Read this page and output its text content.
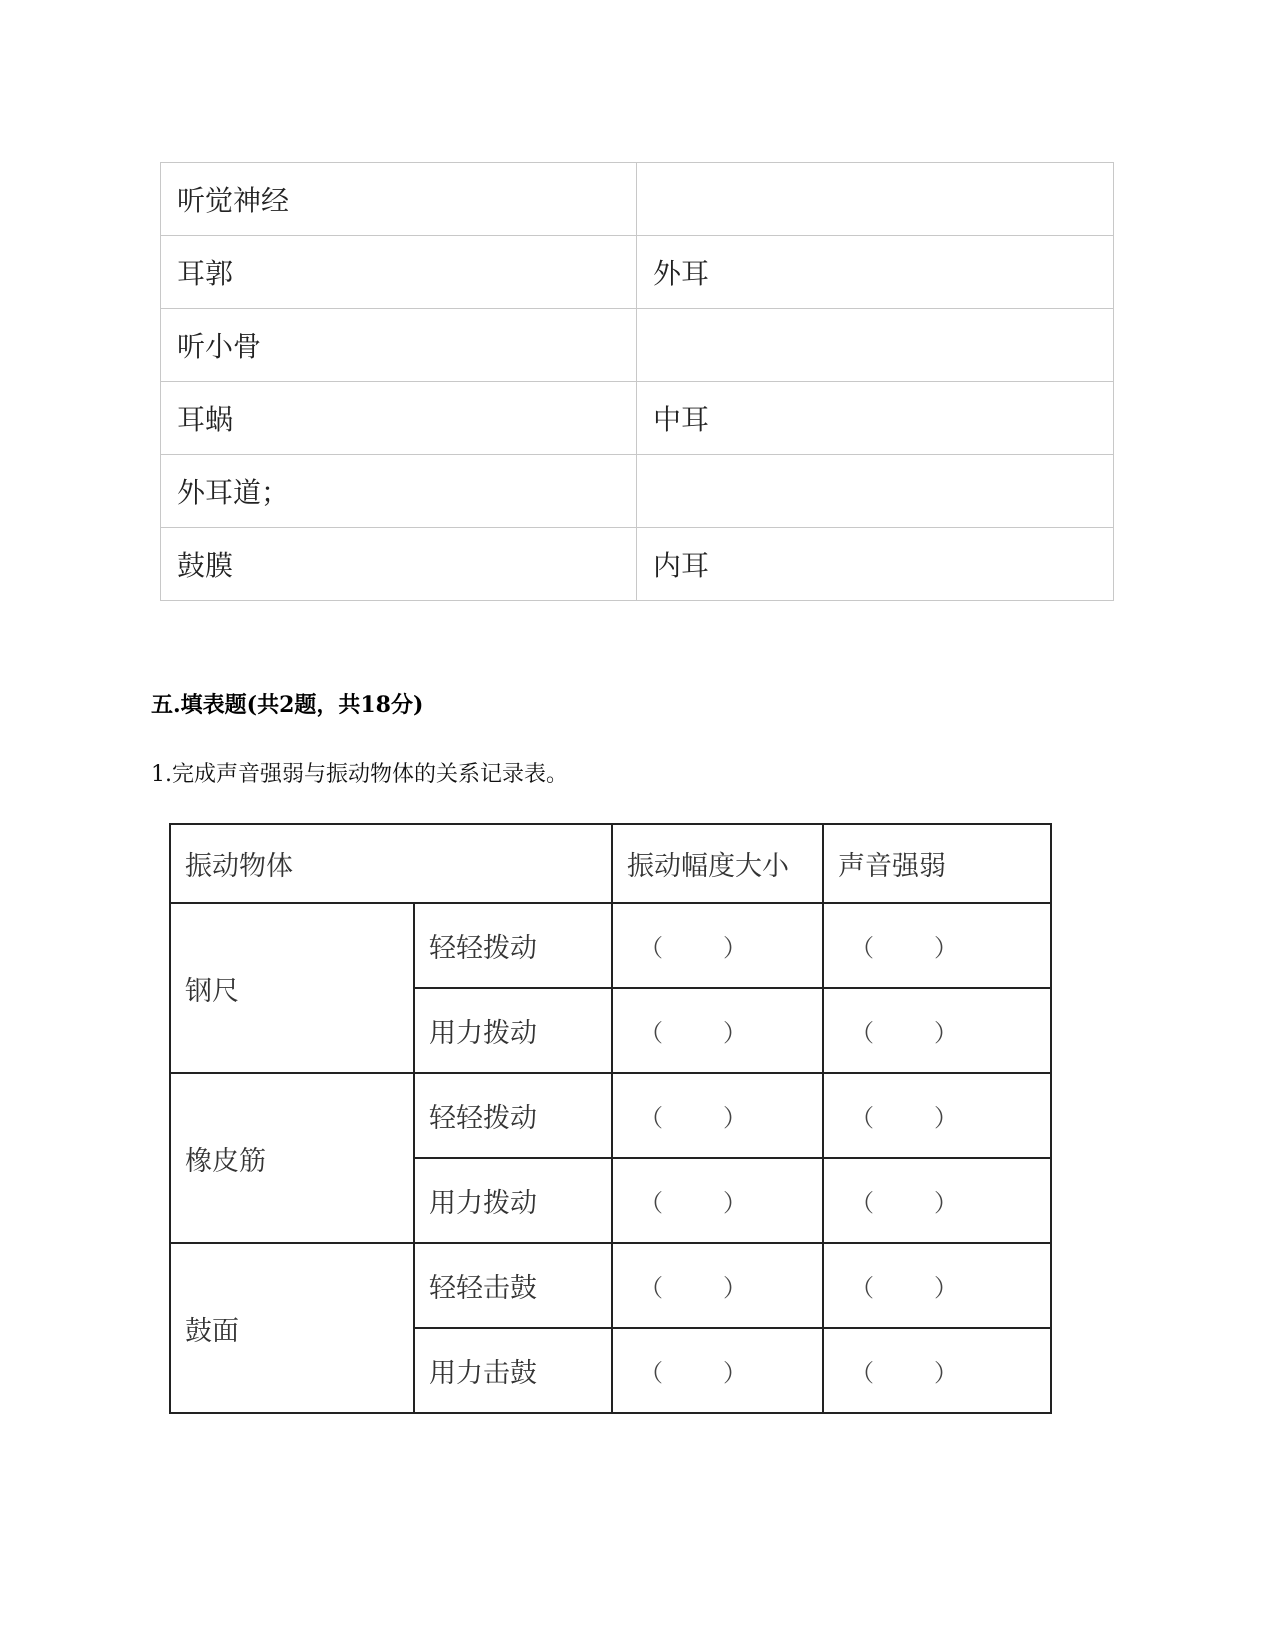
听觉神经	
耳郭	外耳
听小骨	
耳蜗	中耳
外耳道；	
鼓膜	内耳
五.填表题(共2题，共18分)
1.完成声音强弱与振动物体的关系记录表。
振动物体		振动幅度大小	声音强弱
钢尺	轻轻拨动	（ ）	（ ）

	用力拨动	（ ）	（ ）

橡皮筋	轻轻拨动	（ ）	（ ）

	用力拨动	（ ）	（ ）

鼓面	轻轻击鼓	（ ）	（ ）

	用力击鼓	（ ）	（ ）
